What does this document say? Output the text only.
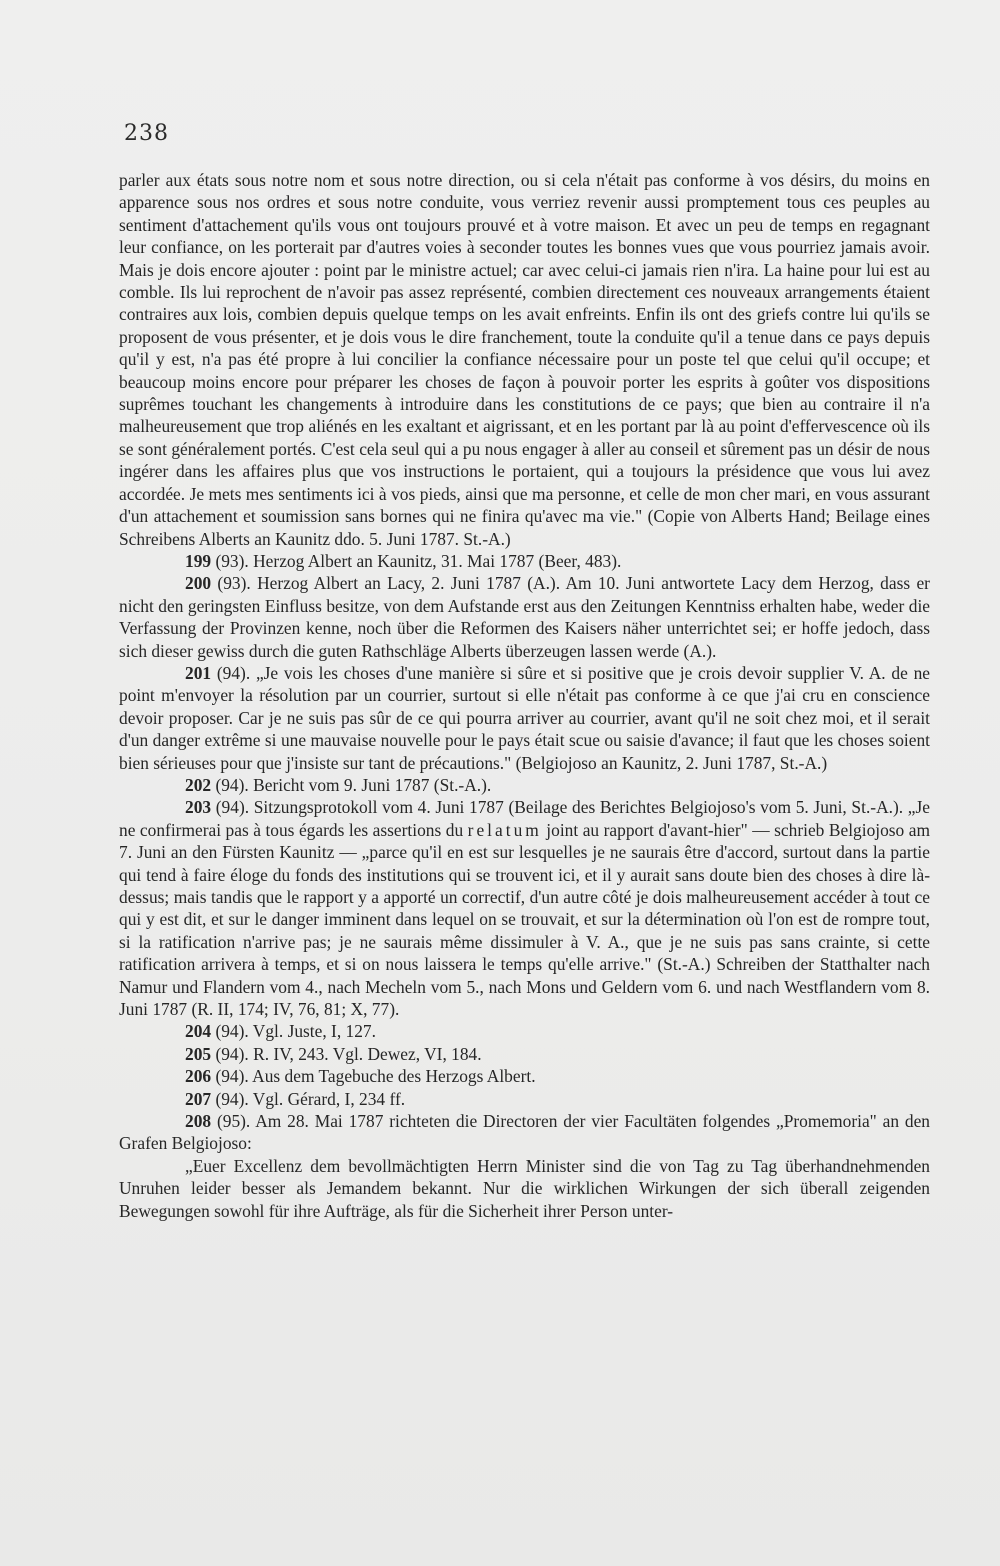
238

parler aux états sous notre nom et sous notre direction, ou si cela n'était pas conforme à vos désirs, du moins en apparence sous nos ordres et sous notre conduite, vous verriez revenir aussi promptement tous ces peuples au sentiment d'attachement qu'ils vous ont toujours prouvé et à votre maison. Et avec un peu de temps en regagnant leur confiance, on les porterait par d'autres voies à seconder toutes les bonnes vues que vous pourriez jamais avoir. Mais je dois encore ajouter : point par le ministre actuel; car avec celui-ci jamais rien n'ira. La haine pour lui est au comble. Ils lui reprochent de n'avoir pas assez représenté, combien directement ces nouveaux arrangements étaient contraires aux lois, combien depuis quelque temps on les avait enfreints. Enfin ils ont des griefs contre lui qu'ils se proposent de vous présenter, et je dois vous le dire franchement, toute la conduite qu'il a tenue dans ce pays depuis qu'il y est, n'a pas été propre à lui concilier la confiance nécessaire pour un poste tel que celui qu'il occupe; et beaucoup moins encore pour préparer les choses de façon à pouvoir porter les esprits à goûter vos dispositions suprêmes touchant les changements à introduire dans les constitutions de ce pays; que bien au contraire il n'a malheureusement que trop aliénés en les exaltant et aigrissant, et en les portant par là au point d'effervescence où ils se sont généralement portés. C'est cela seul qui a pu nous engager à aller au conseil et sûrement pas un désir de nous ingérer dans les affaires plus que vos instructions le portaient, qui a toujours la présidence que vous lui avez accordée. Je mets mes sentiments ici à vos pieds, ainsi que ma personne, et celle de mon cher mari, en vous assurant d'un attachement et soumission sans bornes qui ne finira qu'avec ma vie." (Copie von Alberts Hand; Beilage eines Schreibens Alberts an Kaunitz ddo. 5. Juni 1787. St.-A.)

199 (93). Herzog Albert an Kaunitz, 31. Mai 1787 (Beer, 483).

200 (93). Herzog Albert an Lacy, 2. Juni 1787 (A.). Am 10. Juni antwortete Lacy dem Herzog, dass er nicht den geringsten Einfluss besitze, von dem Aufstande erst aus den Zeitungen Kenntniss erhalten habe, weder die Verfassung der Provinzen kenne, noch über die Reformen des Kaisers näher unterrichtet sei; er hoffe jedoch, dass sich dieser gewiss durch die guten Rathschläge Alberts überzeugen lassen werde (A.).

201 (94). „Je vois les choses d'une manière si sûre et si positive que je crois devoir supplier V. A. de ne point m'envoyer la résolution par un courrier, surtout si elle n'était pas conforme à ce que j'ai cru en conscience devoir proposer. Car je ne suis pas sûr de ce qui pourra arriver au courrier, avant qu'il ne soit chez moi, et il serait d'un danger extrême si une mauvaise nouvelle pour le pays était scue ou saisie d'avance; il faut que les choses soient bien sérieuses pour que j'insiste sur tant de précautions." (Belgiojoso an Kaunitz, 2. Juni 1787, St.-A.)

202 (94). Bericht vom 9. Juni 1787 (St.-A.).

203 (94). Sitzungsprotokoll vom 4. Juni 1787 (Beilage des Berichtes Belgiojoso's vom 5. Juni, St.-A.). „Je ne confirmerai pas à tous égards les assertions du relatum joint au rapport d'avant-hier" — schrieb Belgiojoso am 7. Juni an den Fürsten Kaunitz — „parce qu'il en est sur lesquelles je ne saurais être d'accord, surtout dans la partie qui tend à faire éloge du fonds des institutions qui se trouvent ici, et il y aurait sans doute bien des choses à dire là-dessus; mais tandis que le rapport y a apporté un correctif, d'un autre côté je dois malheureusement accéder à tout ce qui y est dit, et sur le danger imminent dans lequel on se trouvait, et sur la détermination où l'on est de rompre tout, si la ratification n'arrive pas; je ne saurais même dissimuler à V. A., que je ne suis pas sans crainte, si cette ratification arrivera à temps, et si on nous laissera le temps qu'elle arrive." (St.-A.) Schreiben der Statthalter nach Namur und Flandern vom 4., nach Mecheln vom 5., nach Mons und Geldern vom 6. und nach Westflandern vom 8. Juni 1787 (R. II, 174; IV, 76, 81; X, 77).

204 (94). Vgl. Juste, I, 127.

205 (94). R. IV, 243. Vgl. Dewez, VI, 184.

206 (94). Aus dem Tagebuche des Herzogs Albert.

207 (94). Vgl. Gérard, I, 234 ff.

208 (95). Am 28. Mai 1787 richteten die Directoren der vier Facultäten folgendes „Promemoria" an den Grafen Belgiojoso:

„Euer Excellenz dem bevollmächtigten Herrn Minister sind die von Tag zu Tag überhandnehmenden Unruhen leider besser als Jemandem bekannt. Nur die wirklichen Wirkungen der sich überall zeigenden Bewegungen sowohl für ihre Aufträge, als für die Sicherheit ihrer Person unter-
